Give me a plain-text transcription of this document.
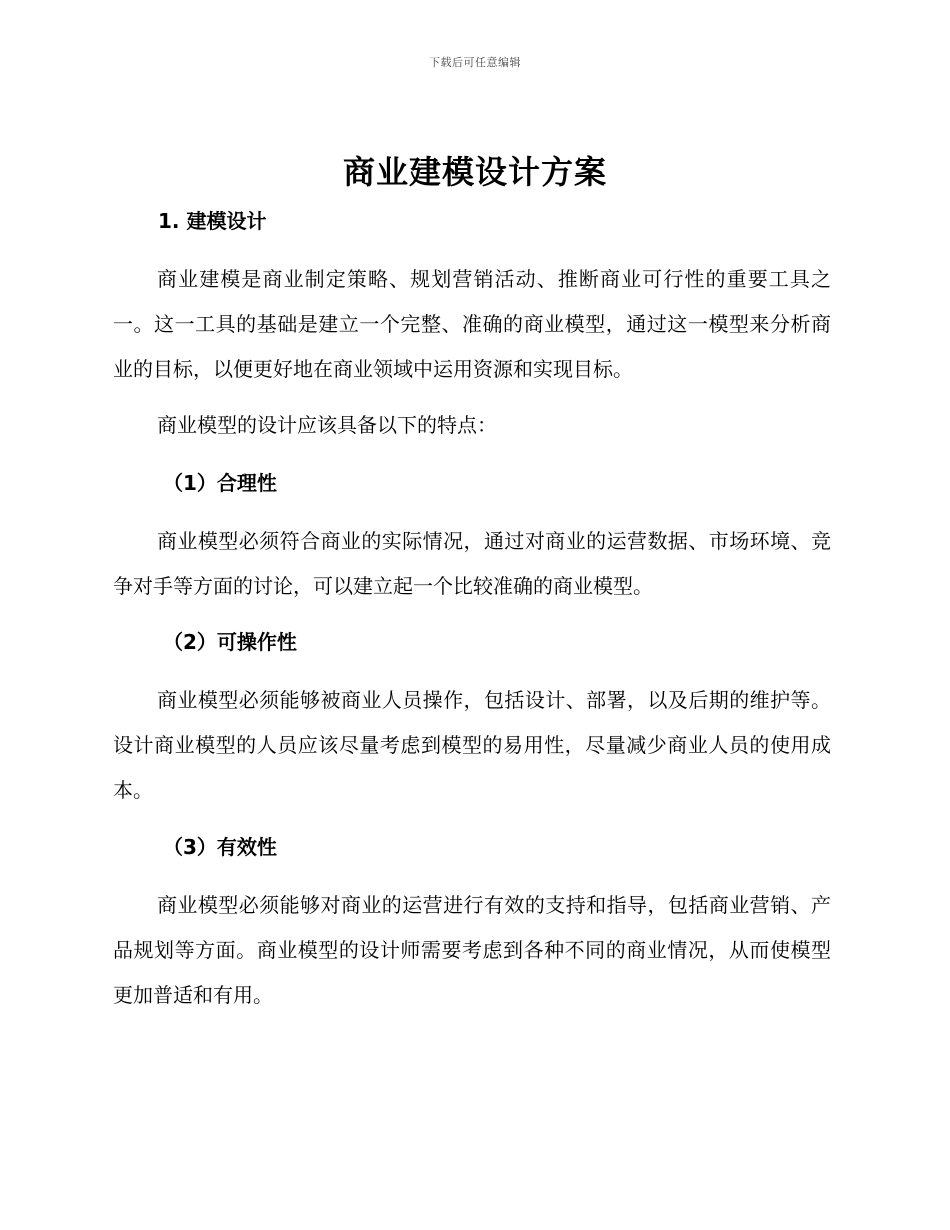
下载后可任意编辑
商业建模设计方案
1. 建模设计

商业建模是商业制定策略、规划营销活动、推断商业可行性的重要工具之一。这一工具的基础是建立一个完整、准确的商业模型，通过这一模型来分析商业的目标，以便更好地在商业领域中运用资源和实现目标。

商业模型的设计应该具备以下的特点：

（1）合理性

商业模型必须符合商业的实际情况，通过对商业的运营数据、市场环境、竞争对手等方面的讨论，可以建立起一个比较准确的商业模型。

（2）可操作性

商业模型必须能够被商业人员操作，包括设计、部署，以及后期的维护等。设计商业模型的人员应该尽量考虑到模型的易用性，尽量减少商业人员的使用成本。

（3）有效性

商业模型必须能够对商业的运营进行有效的支持和指导，包括商业营销、产品规划等方面。商业模型的设计师需要考虑到各种不同的商业情况，从而使模型更加普适和有用。
